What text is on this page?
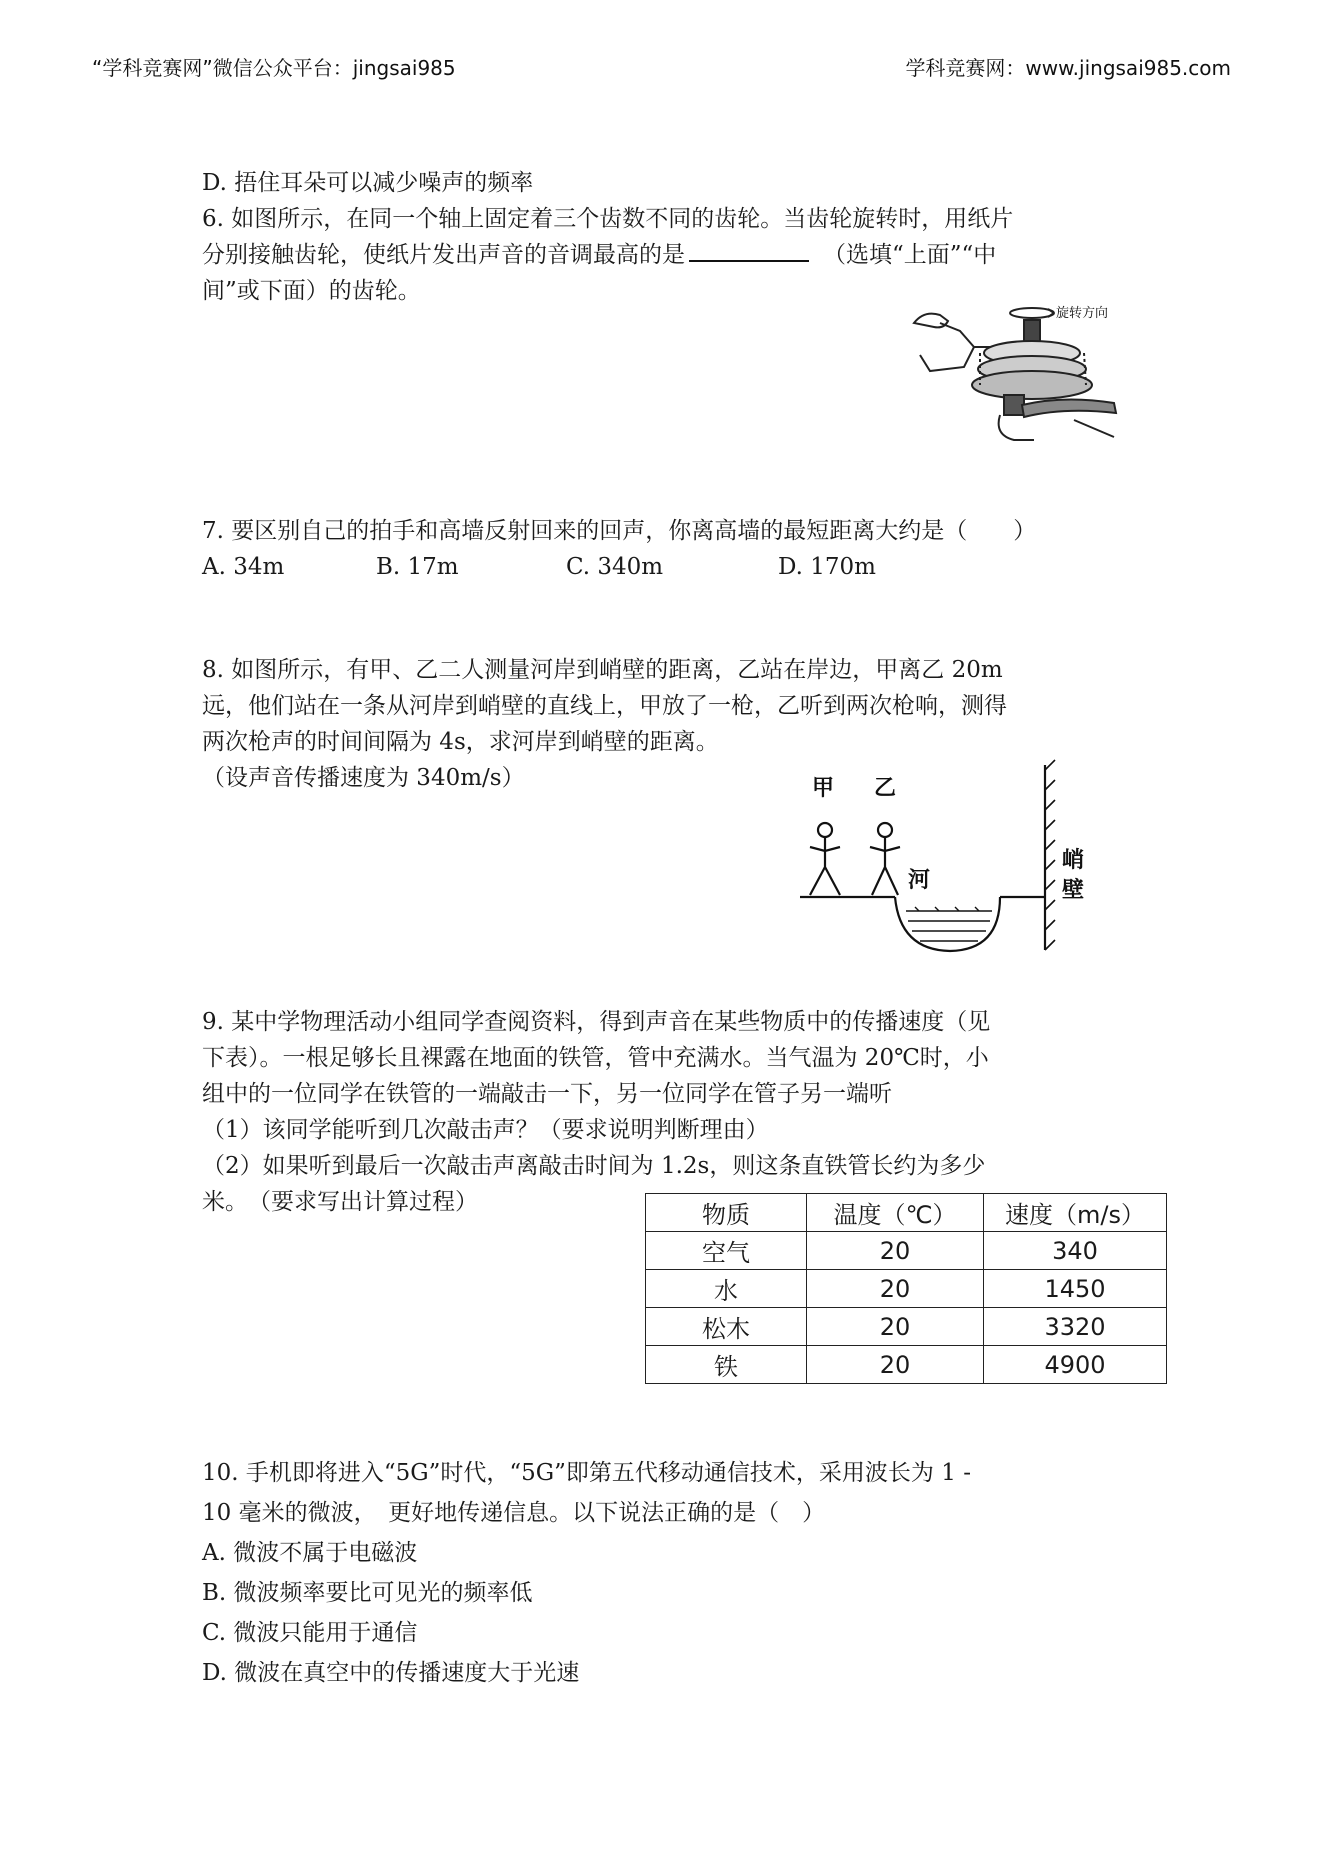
“学科竞赛网”微信公众平台：jingsai985	学科竞赛网：www.jingsai985.com
D. 捂住耳朵可以减少噪声的频率
6. 如图所示，在同一个轴上固定着三个齿数不同的齿轮。当齿轮旋转时，用纸片
分别接触齿轮，使纸片发出声音的音调最高的是	（选填“上面”“中
间”或下面）的齿轮。
旋转方向
7. 要区别自己的拍手和高墙反射回来的回声，你离高墙的最短距离大约是（　　）
A. 34m	B. 17m	C. 340m	D. 170m
8. 如图所示，有甲、乙二人测量河岸到峭壁的距离，乙站在岸边，甲离乙 20m
远，他们站在一条从河岸到峭壁的直线上，甲放了一枪，乙听到两次枪响，测得
两次枪声的时间间隔为 4s，求河岸到峭壁的距离。
（设声音传播速度为 340m/s）	甲 乙
河
峭
壁
9. 某中学物理活动小组同学查阅资料，得到声音在某些物质中的传播速度（见
下表）。一根足够长且裸露在地面的铁管，管中充满水。当气温为 20℃时，小
组中的一位同学在铁管的一端敲击一下，另一位同学在管子另一端听
（1）该同学能听到几次敲击声？（要求说明判断理由）
（2）如果听到最后一次敲击声离敲击时间为 1.2s，则这条直铁管长约为多少
米。　（要求写出计算过程）	物质	温度（℃）	速度（m/s）
空气	20	340
水	20	1450
松木	20	3320
铁	20	4900
10. 手机即将进入“5G”时代，“5G”即第五代移动通信技术，采用波长为 1 -
10 毫米的微波，　更好地传递信息。以下说法正确的是（　）
A. 微波不属于电磁波
B. 微波频率要比可见光的频率低
C. 微波只能用于通信
D. 微波在真空中的传播速度大于光速
